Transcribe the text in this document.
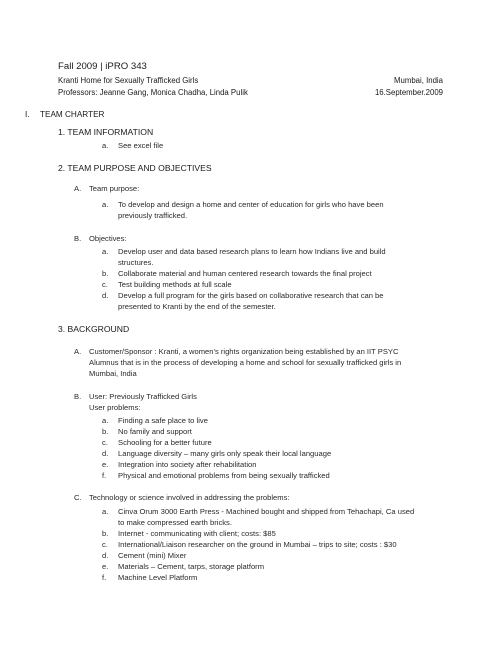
Fall 2009 | iPRO 343
Kranti Home for Sexually Trafficked Girls	Mumbai, India
Professors: Jeanne Gang, Monica Chadha, Linda Pulik	16.September.2009
I. TEAM CHARTER
1. TEAM INFORMATION
a. See excel file
2. TEAM PURPOSE AND OBJECTIVES
A. Team purpose:
a. To develop and design a home and center of education for girls who have been
previously trafficked.
B. Objectives:
a. Develop user and data based research plans to learn how Indians live and build
structures.
b. Collaborate material and human centered research towards the final project
c. Test building methods at full scale
d. Develop a full program for the girls based on collaborative research that can be
presented to Kranti by the end of the semester.
3. BACKGROUND
A. Customer/Sponsor : Kranti, a women's rights organization being established by an IIT PSYC
Alumnus that is in the process of developing a home and school for sexually trafficked girls in
Mumbai, India
B. User: Previously Trafficked Girls
User problems:
a. Finding a safe place to live
b. No family and support
c. Schooling for a better future
d. Language diversity – many girls only speak their local language
e. Integration into society after rehabilitation
f. Physical and emotional problems from being sexually trafficked
C. Technology or science involved in addressing the problems:
a. Cinva Orum 3000 Earth Press - Machined bought and shipped from Tehachapi, Ca used
to make compressed earth bricks.
b. Internet - communicating with client; costs: $85
c. International/Liaison researcher on the ground in Mumbai – trips to site; costs : $30
d. Cement (mini) Mixer
e. Materials – Cement, tarps, storage platform
f. Machine Level Platform
